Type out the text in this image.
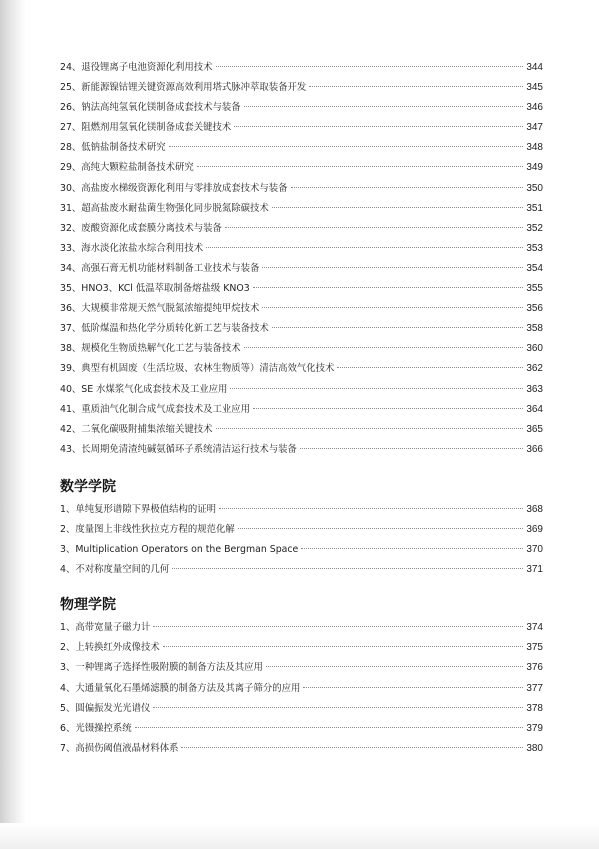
24、退役锂离子电池资源化利用技术	344
25、新能源镍钴锂关键资源高效利用塔式脉冲萃取装备开发	345
26、钠法高纯氢氧化镁制备成套技术与装备	346
27、阻燃剂用氢氧化镁制备成套关键技术	347
28、低钠盐制备技术研究	348
29、高纯大颗粒盐制备技术研究	349
30、高盐废水梯级资源化利用与零排放成套技术与装备	350
31、超高盐废水耐盐菌生物强化同步脱氮除碳技术	351
32、废酸资源化成套膜分离技术与装备	352
33、海水淡化浓盐水综合利用技术	353
34、高强石膏无机功能材料制备工业技术与装备	354
35、HNO3、KCl 低温萃取制备熔盐级 KNO3	355
36、大规模非常规天然气脱氮浓缩提纯甲烷技术	356
37、低阶煤温和热化学分质转化新工艺与装备技术	358
38、规模化生物质热解气化工艺与装备技术	360
39、典型有机固废（生活垃圾、农林生物质等）清洁高效气化技术	362
40、SE 水煤浆气化成套技术及工业应用	363
41、重质油气化制合成气成套技术及工业应用	364
42、二氧化碳吸附捕集浓缩关键技术	365
43、长周期免清渣纯碱氨循环子系统清洁运行技术与装备	366
数学学院
1、单纯复形谱隙下界极值结构的证明	368
2、度量图上非线性狄拉克方程的规范化解	369
3、Multiplication Operators on the Bergman Space	370
4、不对称度量空间的几何	371
物理学院
1、高带宽量子磁力计	374
2、上转换红外成像技术	375
3、一种锂离子选择性吸附膜的制备方法及其应用	376
4、大通量氧化石墨烯滤膜的制备方法及其离子筛分的应用	377
5、圆偏振发光光谱仪	378
6、光镊操控系统	379
7、高损伤阈值液晶材料体系	380
